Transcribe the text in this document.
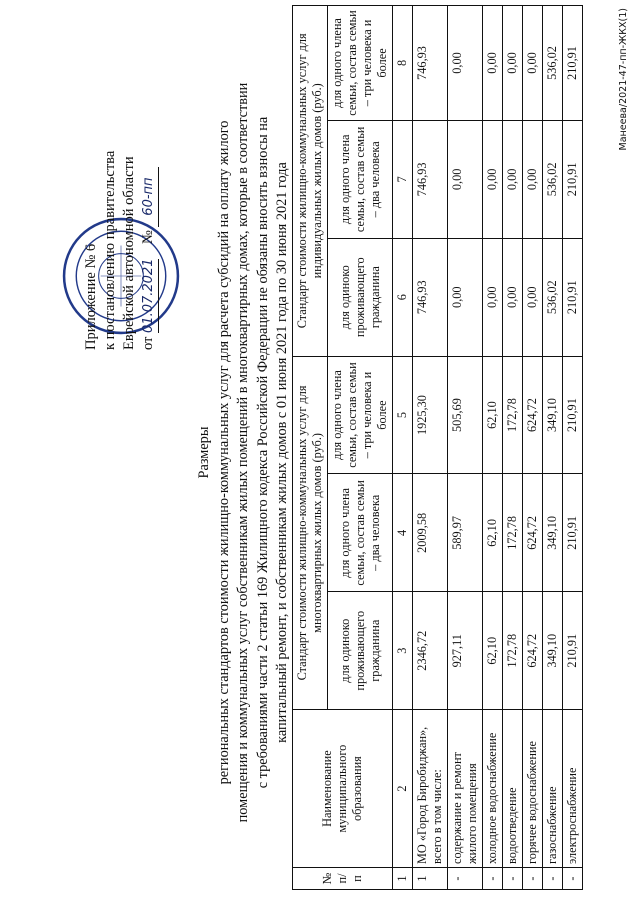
Приложение № 6 к постановлению правительства Еврейской автономной области от 01.07.2021    № 60-пп
Размеры региональных стандартов стоимости жилищно-коммунальных услуг для расчета субсидий на оплату жилого помещения и коммунальных услуг собственникам жилых помещений в многоквартирных домах, которые в соответствии с требованиями части 2 статьи 169 Жилищного кодекса Российской Федерации не обязаны вносить взносы на капитальный ремонт, и собственникам жилых домов с 01 июня 2021 года по 30 июня 2021 года
№ п/п	Наименование муниципального образования	Стандарт стоимости жилищно-коммунальных услуг для многоквартирных жилых домов (руб.)			Стандарт стоимости жилищно-коммунальных услуг для индивидуальных жилых домов (руб.)		
		для одиноко проживающего гражданина	для одного члена семьи, состав семьи – два человека	для одного члена семьи, состав семьи – три человека и более	для одиноко проживающего гражданина	для одного члена семьи, состав семьи – два человека	для одного члена семьи, состав семьи – три человека и более
1	2	3	4	5	6	7	8
1	МО «Город Биробиджан», всего в том числе:	2346,72	2009,58	1925,30	746,93	746,93	746,93
-	содержание и ремонт жилого помещения	927,11	589,97	505,69	0,00	0,00	0,00
-	холодное водоснабжение	62,10	62,10	62,10	0,00	0,00	0,00
-	водоотведение	172,78	172,78	172,78	0,00	0,00	0,00
-	горячее водоснабжение	624,72	624,72	624,72	0,00	0,00	0,00
-	газоснабжение	349,10	349,10	349,10	536,02	536,02	536,02
-	электроснабжение	210,91	210,91	210,91	210,91	210,91	210,91	Манеева/2021-47-пп-ЖКХ(1)
